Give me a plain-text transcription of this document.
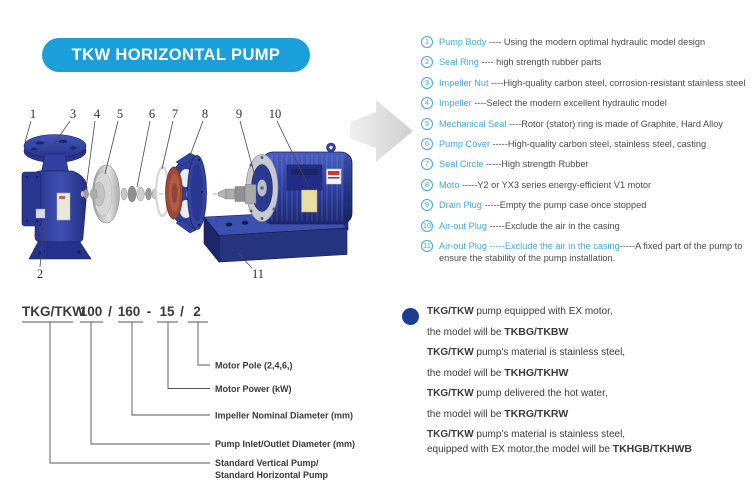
TKW HORIZONTAL PUMP
1	3 4 5 6 7 8 9 10
2	11
1	Pump Body ---- Using the modern optimal hydraulic model design
2	Seal Ring ---- high strength rubber parts
3	Impeller Nut ----High-quality carbon steel, corrosion-resistant stainless steel
4	Impeller ----Select the modern excellent hydraulic model
5	Mechanical Seal ----Rotor (stator) ring is made of Graphite, Hard Alloy
6	Pump Cover -----High-quality carbon steel, stainless steel, casting
7	Seal Circle -----High strength Rubber
8	Moto -----Y2 or YX3 series energy-efficient V1 motor
9	Drain Plug -----Empty the pump case once stopped
10 Air-out Plug -----Exclude the air in the casing
11 Air-out Plug -----Exclude the air in the casing-----A fixed part of the pump to
ensure the stability of the pump installation.
TKG/TKW
100 / 160 - 15 / 2
Motor Pole (2,4,6,)
Motor Power (kW)
Impeller Nominal Diameter (mm)
Pump Inlet/Outlet Diameter (mm)
Standard Vertical Pump/
Standard Horizontal Pump
TKG/TKW pump equipped with EX motor,
the model will be TKBG/TKBW
TKG/TKW pump's material is stainless steel,
the model will be TKHG/TKHW
TKG/TKW pump delivered the hot water,
the model will be TKRG/TKRW
TKG/TKW pump's material is stainless steel,
equipped with EX motor,the model will be TKHGB/TKHWB
